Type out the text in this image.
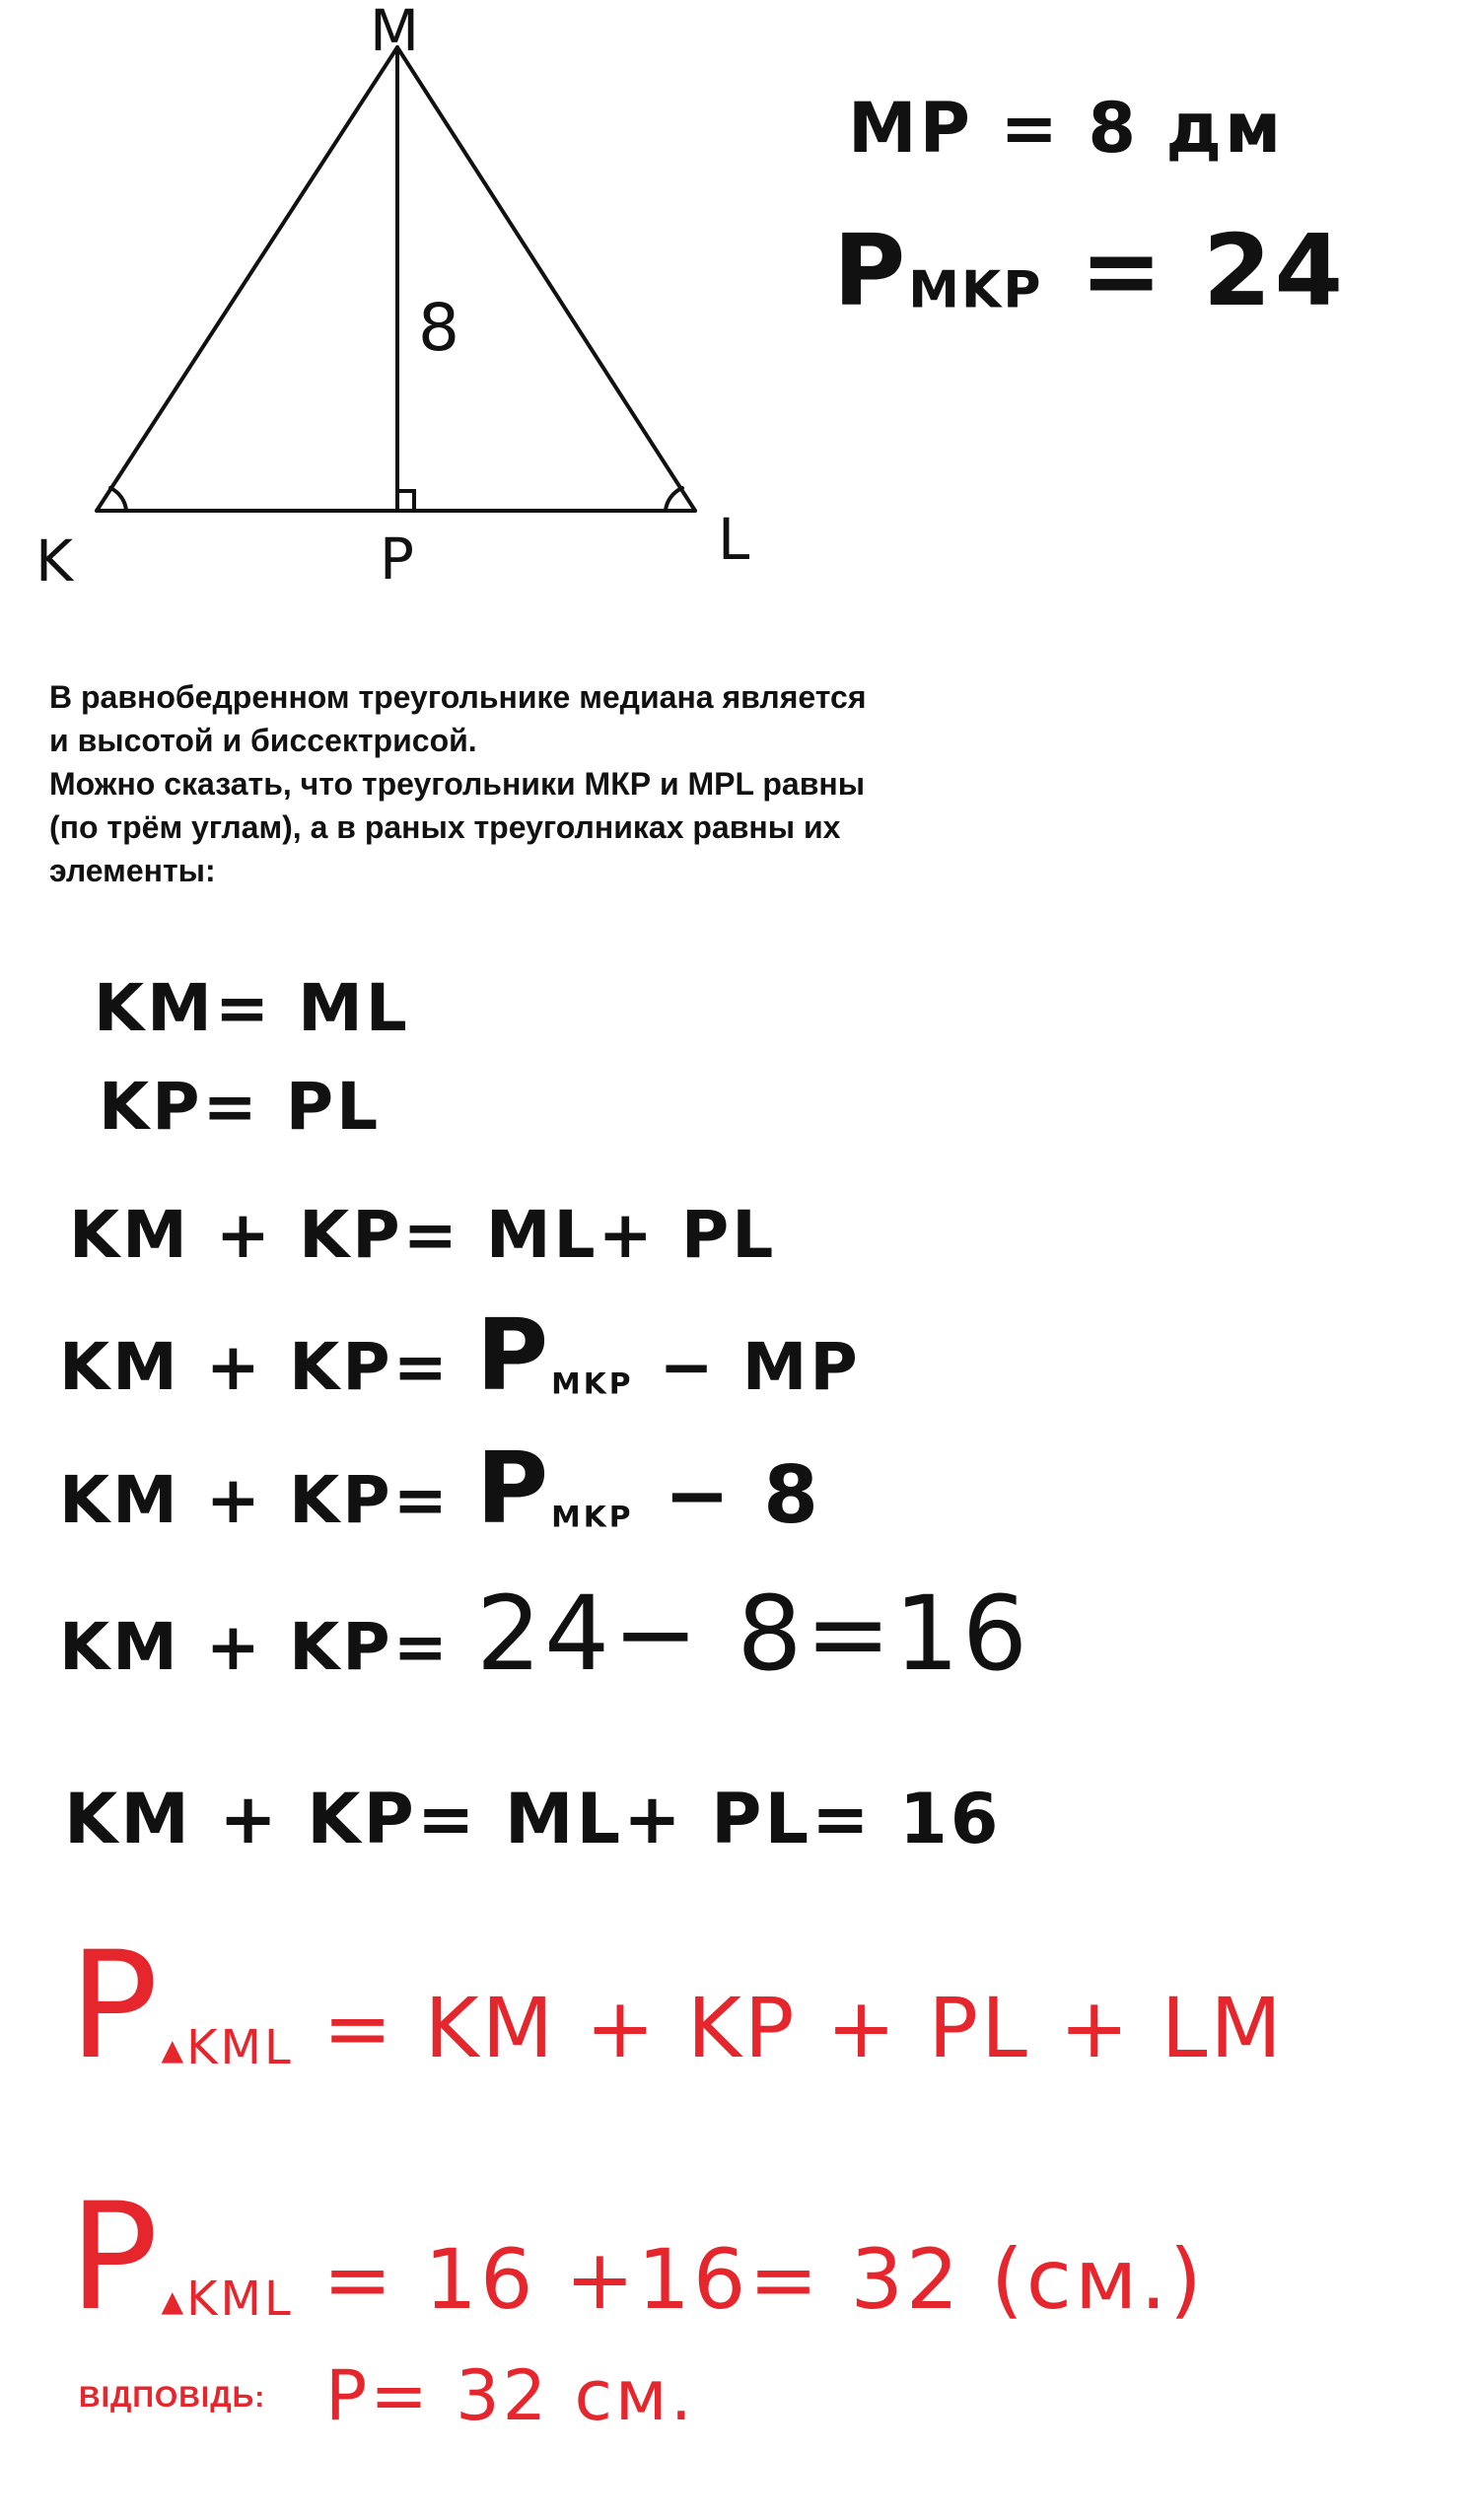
M
K	P	L
8
MP = 8 дм
PMKP = 24
В равнобедренном треугольнике медиана является
и высотой и биссектрисой.
Можно сказать, что треугольники МКР и MPL равны
(по трём углам), а в раных треуголниках равны их
элементы:
KM= ML
KP= PL
KM + KP= ML+ PL
KM + KP= PMKP − MP
KM + KP= PMKP − 8
KM + KP= 24− 8=16
KM + KP= ML+ PL= 16
P▲KML = KM + KP + PL + LM
P▲KML = 16 +16= 32 (см.)
ВІДПОВІДЬ: P= 32 см.
